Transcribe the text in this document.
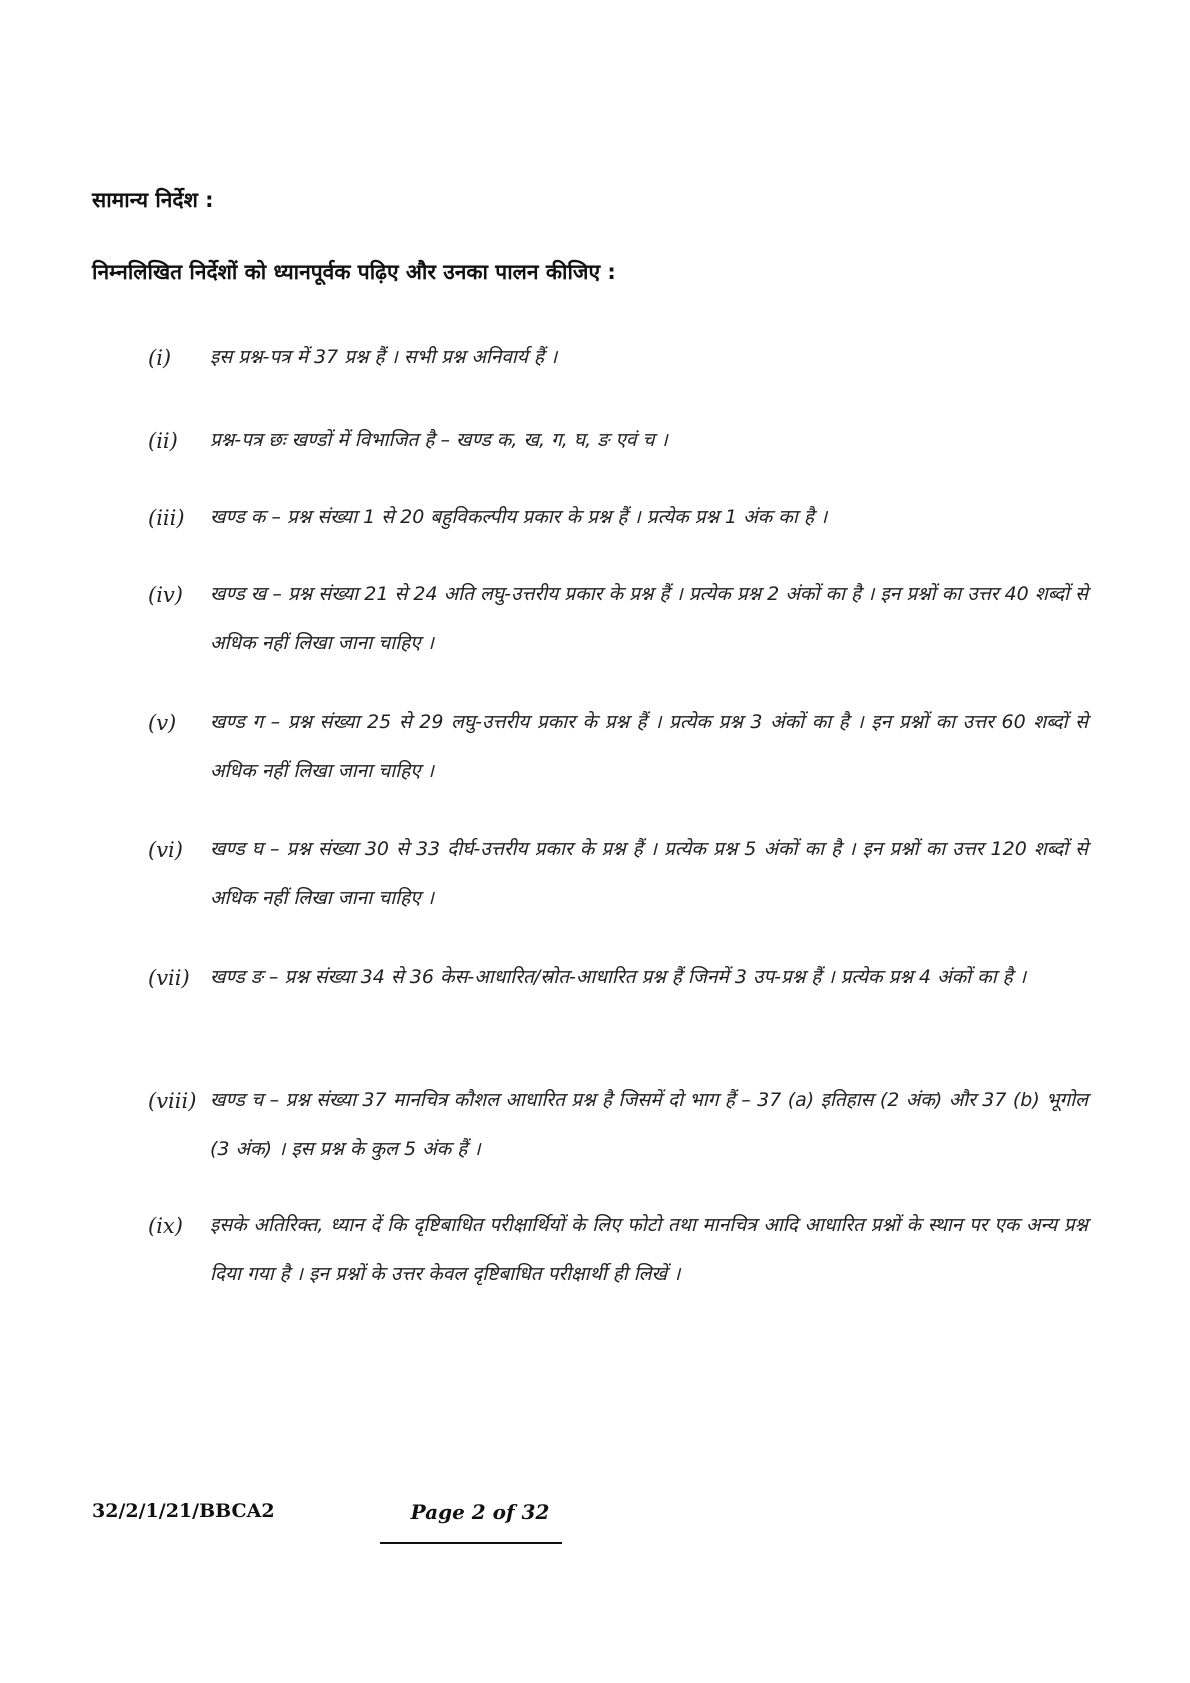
सामान्य निर्देश :
निम्नलिखित निर्देशों को ध्यानपूर्वक पढ़िए और उनका पालन कीजिए :
(i) इस प्रश्न-पत्र में 37 प्रश्न हैं । सभी प्रश्न अनिवार्य हैं ।
(ii) प्रश्न-पत्र छः खण्डों में विभाजित है – खण्ड क, ख, ग, घ, ङ एवं च ।
(iii) खण्ड क – प्रश्न संख्या 1 से 20 बहुविकल्पीय प्रकार के प्रश्न हैं । प्रत्येक प्रश्न 1 अंक का है ।
(iv) खण्ड ख – प्रश्न संख्या 21 से 24 अति लघु-उत्तरीय प्रकार के प्रश्न हैं । प्रत्येक प्रश्न 2 अंकों का है । इन प्रश्नों का उत्तर 40 शब्दों से अधिक नहीं लिखा जाना चाहिए ।
(v) खण्ड ग – प्रश्न संख्या 25 से 29 लघु-उत्तरीय प्रकार के प्रश्न हैं । प्रत्येक प्रश्न 3 अंकों का है । इन प्रश्नों का उत्तर 60 शब्दों से अधिक नहीं लिखा जाना चाहिए ।
(vi) खण्ड घ – प्रश्न संख्या 30 से 33 दीर्घ-उत्तरीय प्रकार के प्रश्न हैं । प्रत्येक प्रश्न 5 अंकों का है । इन प्रश्नों का उत्तर 120 शब्दों से अधिक नहीं लिखा जाना चाहिए ।
(vii) खण्ड ङ – प्रश्न संख्या 34 से 36 केस-आधारित/स्रोत-आधारित प्रश्न हैं जिनमें 3 उप-प्रश्न हैं । प्रत्येक प्रश्न 4 अंकों का है ।
(viii) खण्ड च – प्रश्न संख्या 37 मानचित्र कौशल आधारित प्रश्न है जिसमें दो भाग हैं – 37 (a) इतिहास (2 अंक) और 37 (b) भूगोल (3 अंक) । इस प्रश्न के कुल 5 अंक हैं ।
(ix) इसके अतिरिक्त, ध्यान दें कि दृष्टिबाधित परीक्षार्थियों के लिए फोटो तथा मानचित्र आदि आधारित प्रश्नों के स्थान पर एक अन्य प्रश्न दिया गया है । इन प्रश्नों के उत्तर केवल दृष्टिबाधित परीक्षार्थी ही लिखें ।
32/2/1/21/BBCA2	Page 2 of 32
